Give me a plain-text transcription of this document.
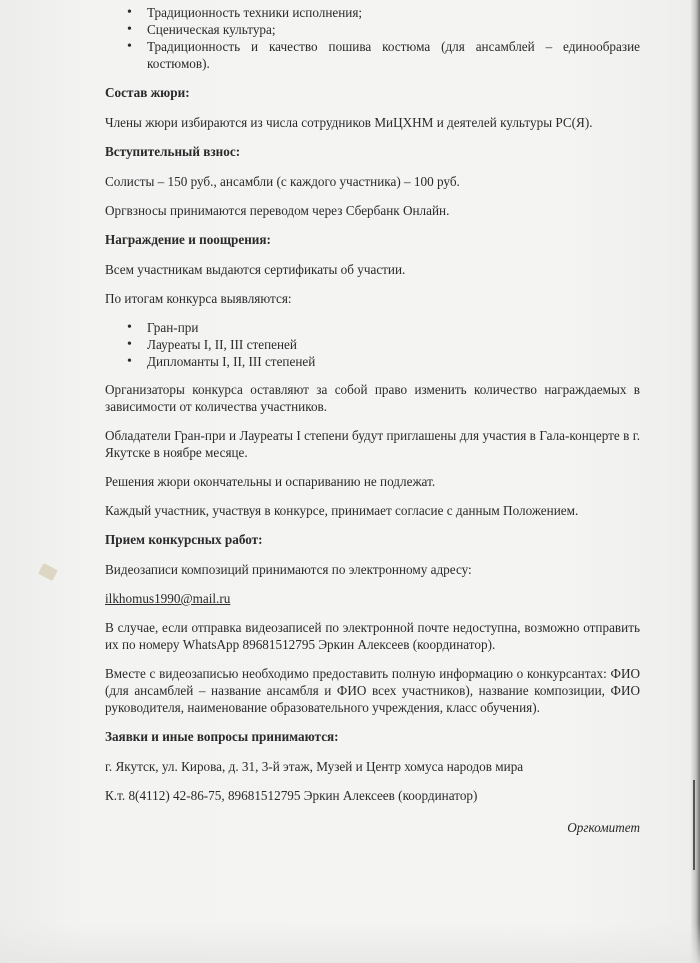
• Традиционность техники исполнения;
• Сценическая культура;
• Традиционность и качество пошива костюма (для ансамблей – единообразие костюмов).

Состав жюри:

Члены жюри избираются из числа сотрудников МиЦХНМ и деятелей культуры РС(Я).

Вступительный взнос:

Солисты – 150 руб., ансамбли (с каждого участника) – 100 руб.

Оргвзносы принимаются переводом через Сбербанк Онлайн.

Награждение и поощрения:

Всем участникам выдаются сертификаты об участии.

По итогам конкурса выявляются:

• Гран-при
• Лауреаты I, II, III степеней
• Дипломанты I, II, III степеней

Организаторы конкурса оставляют за собой право изменить количество награждаемых в зависимости от количества участников.

Обладатели Гран-при и Лауреаты I степени будут приглашены для участия в Гала-концерте в г. Якутске в ноябре месяце.

Решения жюри окончательны и оспариванию не подлежат.

Каждый участник, участвуя в конкурсе, принимает согласие с данным Положением.

Прием конкурсных работ:

Видеозаписи композиций принимаются по электронному адресу:

ilkhomus1990@mail.ru

В случае, если отправка видеозаписей по электронной почте недоступна, возможно отправить их по номеру WhatsApp 89681512795 Эркин Алексеев (координатор).

Вместе с видеозаписью необходимо предоставить полную информацию о конкурсантах: ФИО (для ансамблей – название ансамбля и ФИО всех участников), название композиции, ФИО руководителя, наименование образовательного учреждения, класс обучения).

Заявки и иные вопросы принимаются:

г. Якутск, ул. Кирова, д. 31, 3-й этаж, Музей и Центр хомуса народов мира

К.т. 8(4112) 42-86-75, 89681512795 Эркин Алексеев (координатор)

Оргкомитет
